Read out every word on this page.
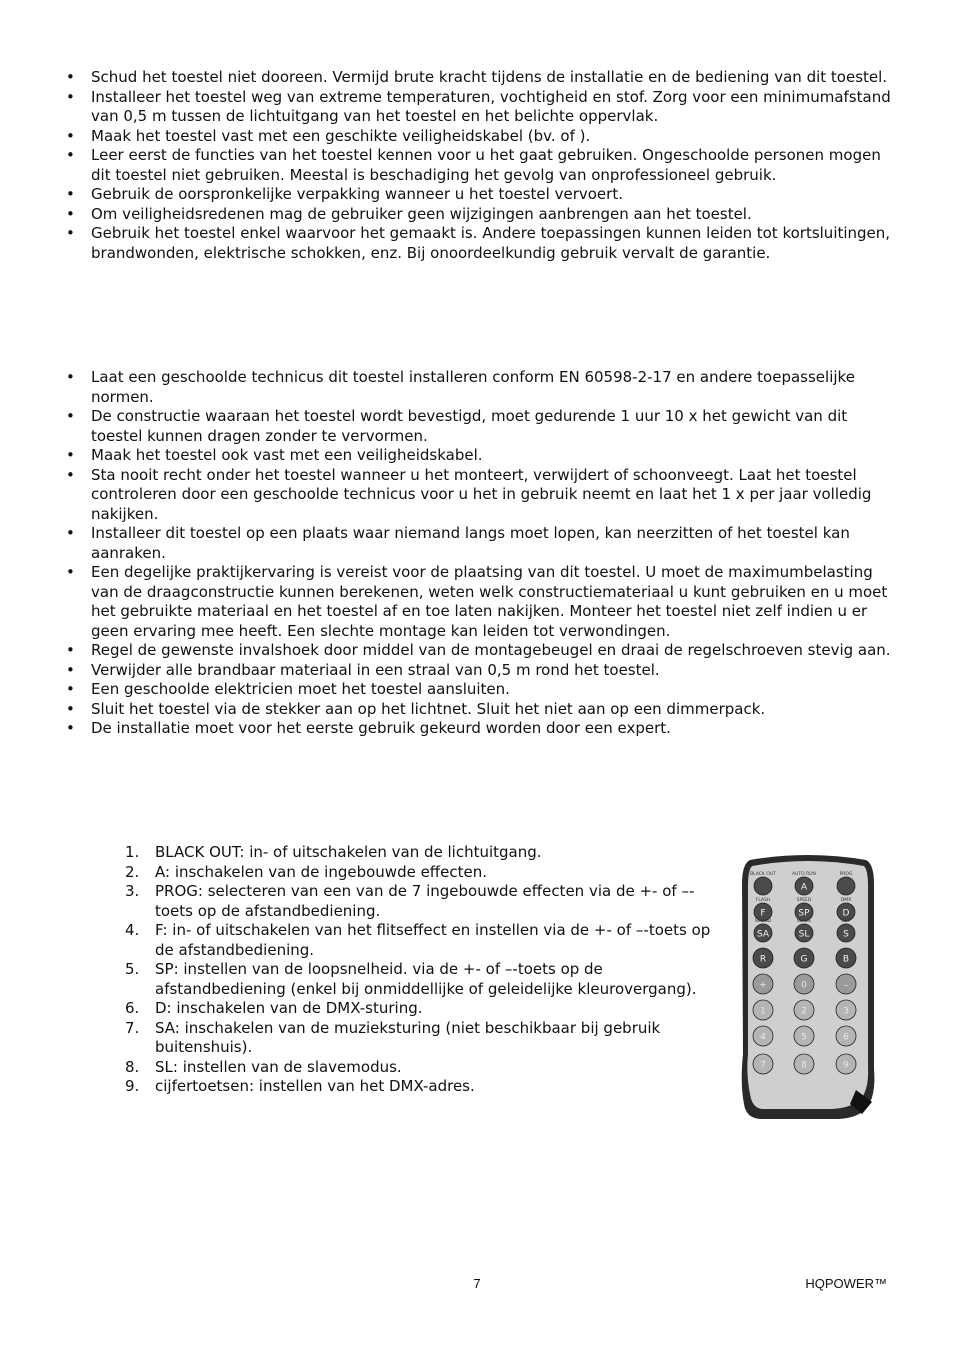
• Schud het toestel niet dooreen. Vermijd brute kracht tijdens de installatie en de bediening van dit toestel.
• Installeer het toestel weg van extreme temperaturen, vochtigheid en stof. Zorg voor een minimumafstand van 0,5 m tussen de lichtuitgang van het toestel en het belichte oppervlak.
• Maak het toestel vast met een geschikte veiligheidskabel (bv. of ).
• Leer eerst de functies van het toestel kennen voor u het gaat gebruiken. Ongeschoolde personen mogen dit toestel niet gebruiken. Meestal is beschadiging het gevolg van onprofessioneel gebruik.
• Gebruik de oorspronkelijke verpakking wanneer u het toestel vervoert.
• Om veiligheidsredenen mag de gebruiker geen wijzigingen aanbrengen aan het toestel.
• Gebruik het toestel enkel waarvoor het gemaakt is. Andere toepassingen kunnen leiden tot kortsluitingen, brandwonden, elektrische schokken, enz. Bij onoordeelkundig gebruik vervalt de garantie.
• Laat een geschoolde technicus dit toestel installeren conform EN 60598-2-17 en andere toepasselijke normen.
• De constructie waaraan het toestel wordt bevestigd, moet gedurende 1 uur 10 x het gewicht van dit toestel kunnen dragen zonder te vervormen.
• Maak het toestel ook vast met een veiligheidskabel.
• Sta nooit recht onder het toestel wanneer u het monteert, verwijdert of schoonveegt. Laat het toestel controleren door een geschoolde technicus voor u het in gebruik neemt en laat het 1 x per jaar volledig nakijken.
• Installeer dit toestel op een plaats waar niemand langs moet lopen, kan neerzitten of het toestel kan aanraken.
• Een degelijke praktijkervaring is vereist voor de plaatsing van dit toestel. U moet de maximumbelasting van de draagconstructie kunnen berekenen, weten welk constructiemateriaal u kunt gebruiken en u moet het gebruikte materiaal en het toestel af en toe laten nakijken. Monteer het toestel niet zelf indien u er geen ervaring mee heeft. Een slechte montage kan leiden tot verwondingen.
• Regel de gewenste invalshoek door middel van de montagebeugel en draai de regelschroeven stevig aan.
• Verwijder alle brandbaar materiaal in een straal van 0,5 m rond het toestel.
• Een geschoolde elektricien moet het toestel aansluiten.
• Sluit het toestel via de stekker aan op het lichtnet. Sluit het niet aan op een dimmerpack.
• De installatie moet voor het eerste gebruik gekeurd worden door een expert.
1. BLACK OUT: in- of uitschakelen van de lichtuitgang.
2. A: inschakelen van de ingebouwde effecten.
3. PROG: selecteren van een van de 7 ingebouwde effecten via de +- of –-toets op de afstandbediening.
4. F: in- of uitschakelen van het flitseffect en instellen via de +- of –-toets op de afstandbediening.
5. SP: instellen van de loopsnelheid. via de +- of –-toets op de afstandbediening (enkel bij onmiddellijke of geleidelijke kleurovergang).
6. D: inschakelen van de DMX-sturing.
7. SA: inschakelen van de muzieksturing (niet beschikbaar bij gebruik buitenshuis).
8. SL: instellen van de slavemodus.
9. cijfertoetsen: instellen van het DMX-adres.
BLACK OUT	AUTO RUN
A
PROG
FLASH
F
SPEED
SP
DMX
D
SOUND
SA
SLAVE
SL
SET
S
R	G	B
+	0	–
1	2	3
4	5	6
7	8	9
7	HQPOWER™
